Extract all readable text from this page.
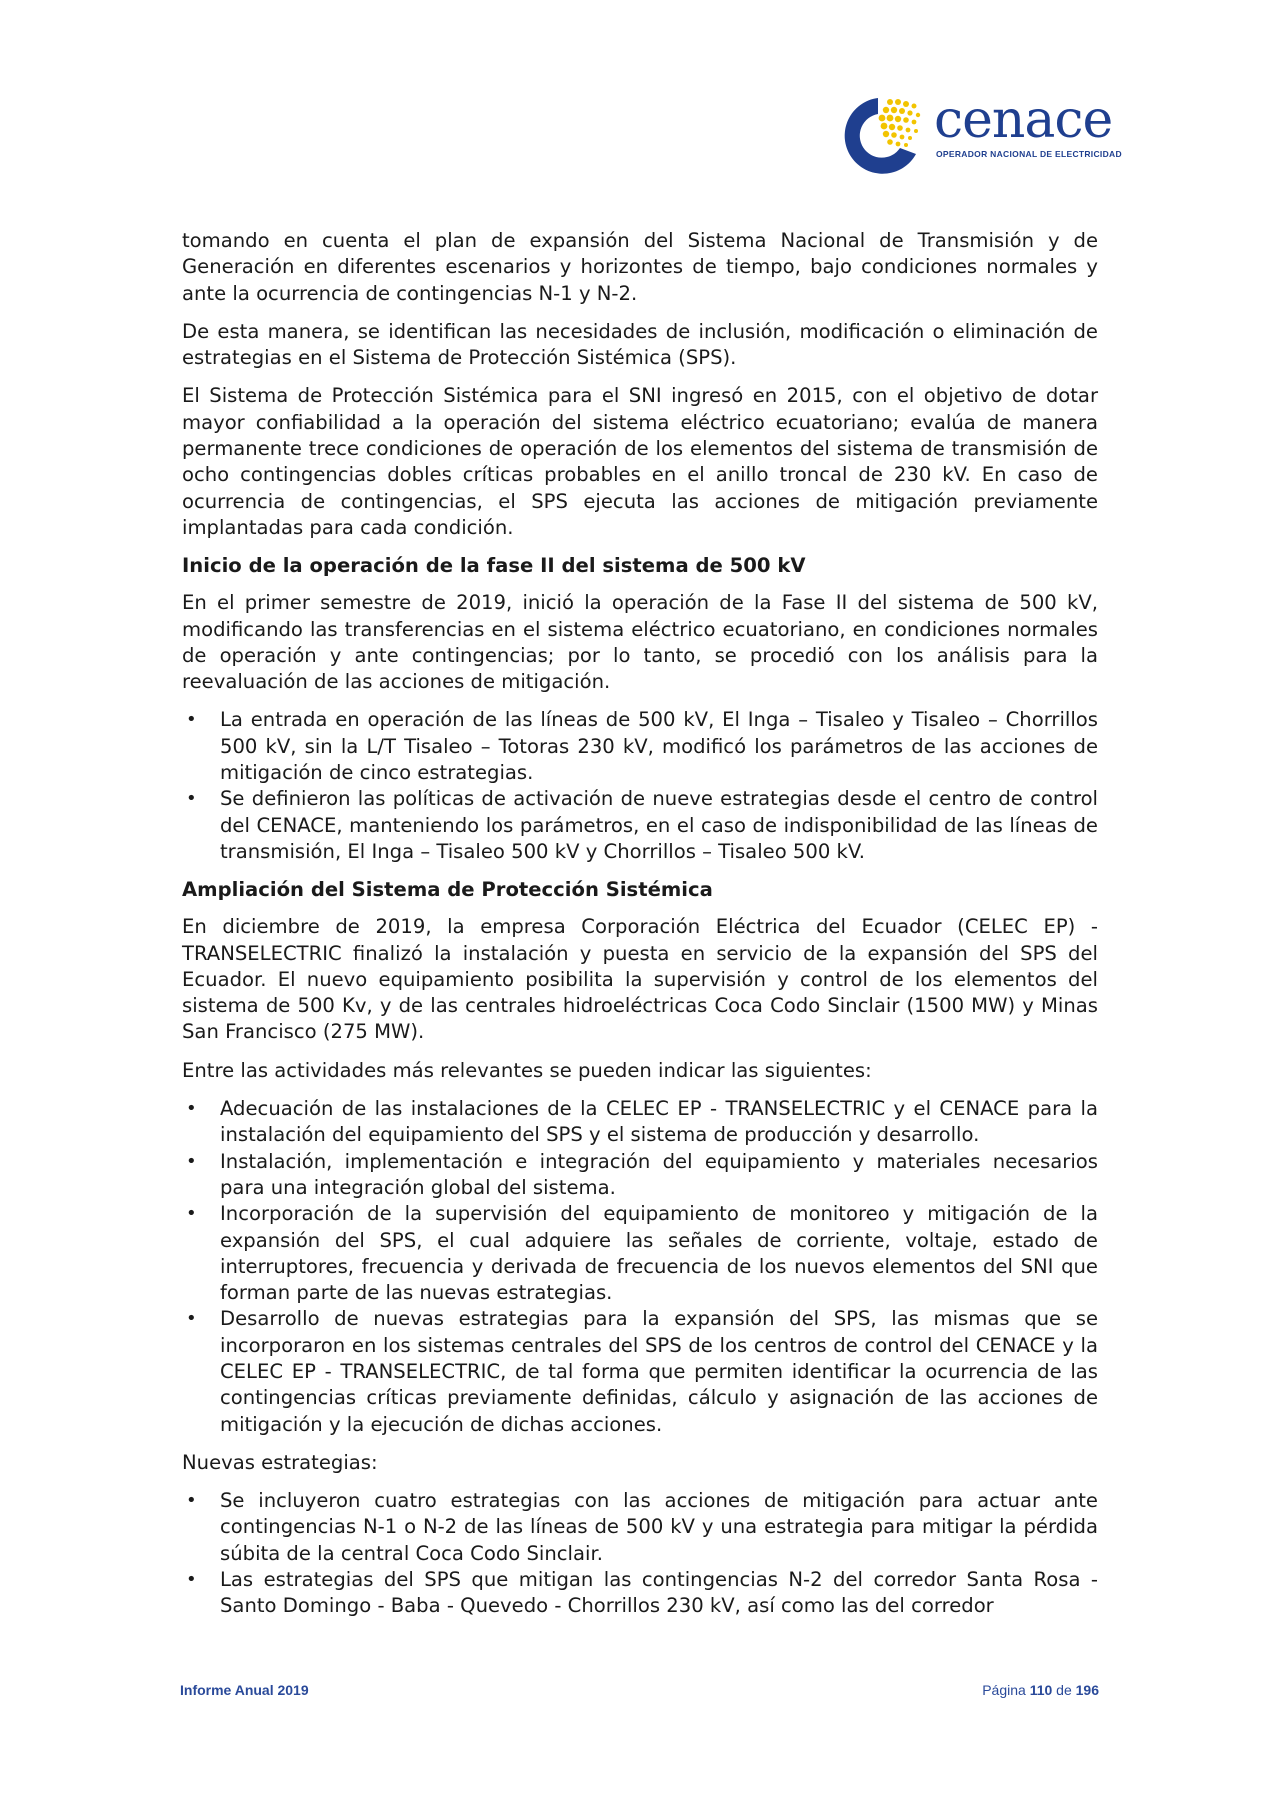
cenace
OPERADOR NACIONAL DE ELECTRICIDAD

tomando en cuenta el plan de expansión del Sistema Nacional de Transmisión y de Generación en diferentes escenarios y horizontes de tiempo, bajo condiciones normales y ante la ocurrencia de contingencias N-1 y N-2.

De esta manera, se identifican las necesidades de inclusión, modificación o eliminación de estrategias en el Sistema de Protección Sistémica (SPS).

El Sistema de Protección Sistémica para el SNI ingresó en 2015, con el objetivo de dotar mayor confiabilidad a la operación del sistema eléctrico ecuatoriano; evalúa de manera permanente trece condiciones de operación de los elementos del sistema de transmisión de ocho contingencias dobles críticas probables en el anillo troncal de 230 kV. En caso de ocurrencia de contingencias, el SPS ejecuta las acciones de mitigación previamente implantadas para cada condición.

Inicio de la operación de la fase II del sistema de 500 kV

En el primer semestre de 2019, inició la operación de la Fase II del sistema de 500 kV, modificando las transferencias en el sistema eléctrico ecuatoriano, en condiciones normales de operación y ante contingencias; por lo tanto, se procedió con los análisis para la reevaluación de las acciones de mitigación.

• La entrada en operación de las líneas de 500 kV, El Inga – Tisaleo y Tisaleo – Chorrillos 500 kV, sin la L/T Tisaleo – Totoras 230 kV, modificó los parámetros de las acciones de mitigación de cinco estrategias.
• Se definieron las políticas de activación de nueve estrategias desde el centro de control del CENACE, manteniendo los parámetros, en el caso de indisponibilidad de las líneas de transmisión, El Inga – Tisaleo 500 kV y Chorrillos – Tisaleo 500 kV.
Ampliación del Sistema de Protección Sistémica

En diciembre de 2019, la empresa Corporación Eléctrica del Ecuador (CELEC EP) - TRANSELECTRIC finalizó la instalación y puesta en servicio de la expansión del SPS del Ecuador. El nuevo equipamiento posibilita la supervisión y control de los elementos del sistema de 500 Kv, y de las centrales hidroeléctricas Coca Codo Sinclair (1500 MW) y Minas San Francisco (275 MW).

Entre las actividades más relevantes se pueden indicar las siguientes:

• Adecuación de las instalaciones de la CELEC EP - TRANSELECTRIC y el CENACE para la instalación del equipamiento del SPS y el sistema de producción y desarrollo.
• Instalación, implementación e integración del equipamiento y materiales necesarios para una integración global del sistema.
• Incorporación de la supervisión del equipamiento de monitoreo y mitigación de la expansión del SPS, el cual adquiere las señales de corriente, voltaje, estado de interruptores, frecuencia y derivada de frecuencia de los nuevos elementos del SNI que forman parte de las nuevas estrategias.
• Desarrollo de nuevas estrategias para la expansión del SPS, las mismas que se incorporaron en los sistemas centrales del SPS de los centros de control del CENACE y la CELEC EP - TRANSELECTRIC, de tal forma que permiten identificar la ocurrencia de las contingencias críticas previamente definidas, cálculo y asignación de las acciones de mitigación y la ejecución de dichas acciones.

Nuevas estrategias:

• Se incluyeron cuatro estrategias con las acciones de mitigación para actuar ante contingencias N-1 o N-2 de las líneas de 500 kV y una estrategia para mitigar la pérdida súbita de la central Coca Codo Sinclair.
• Las estrategias del SPS que mitigan las contingencias N-2 del corredor Santa Rosa - Santo Domingo - Baba - Quevedo - Chorrillos 230 kV, así como las del corredor
Informe Anual 2019	Página 110 de 196
